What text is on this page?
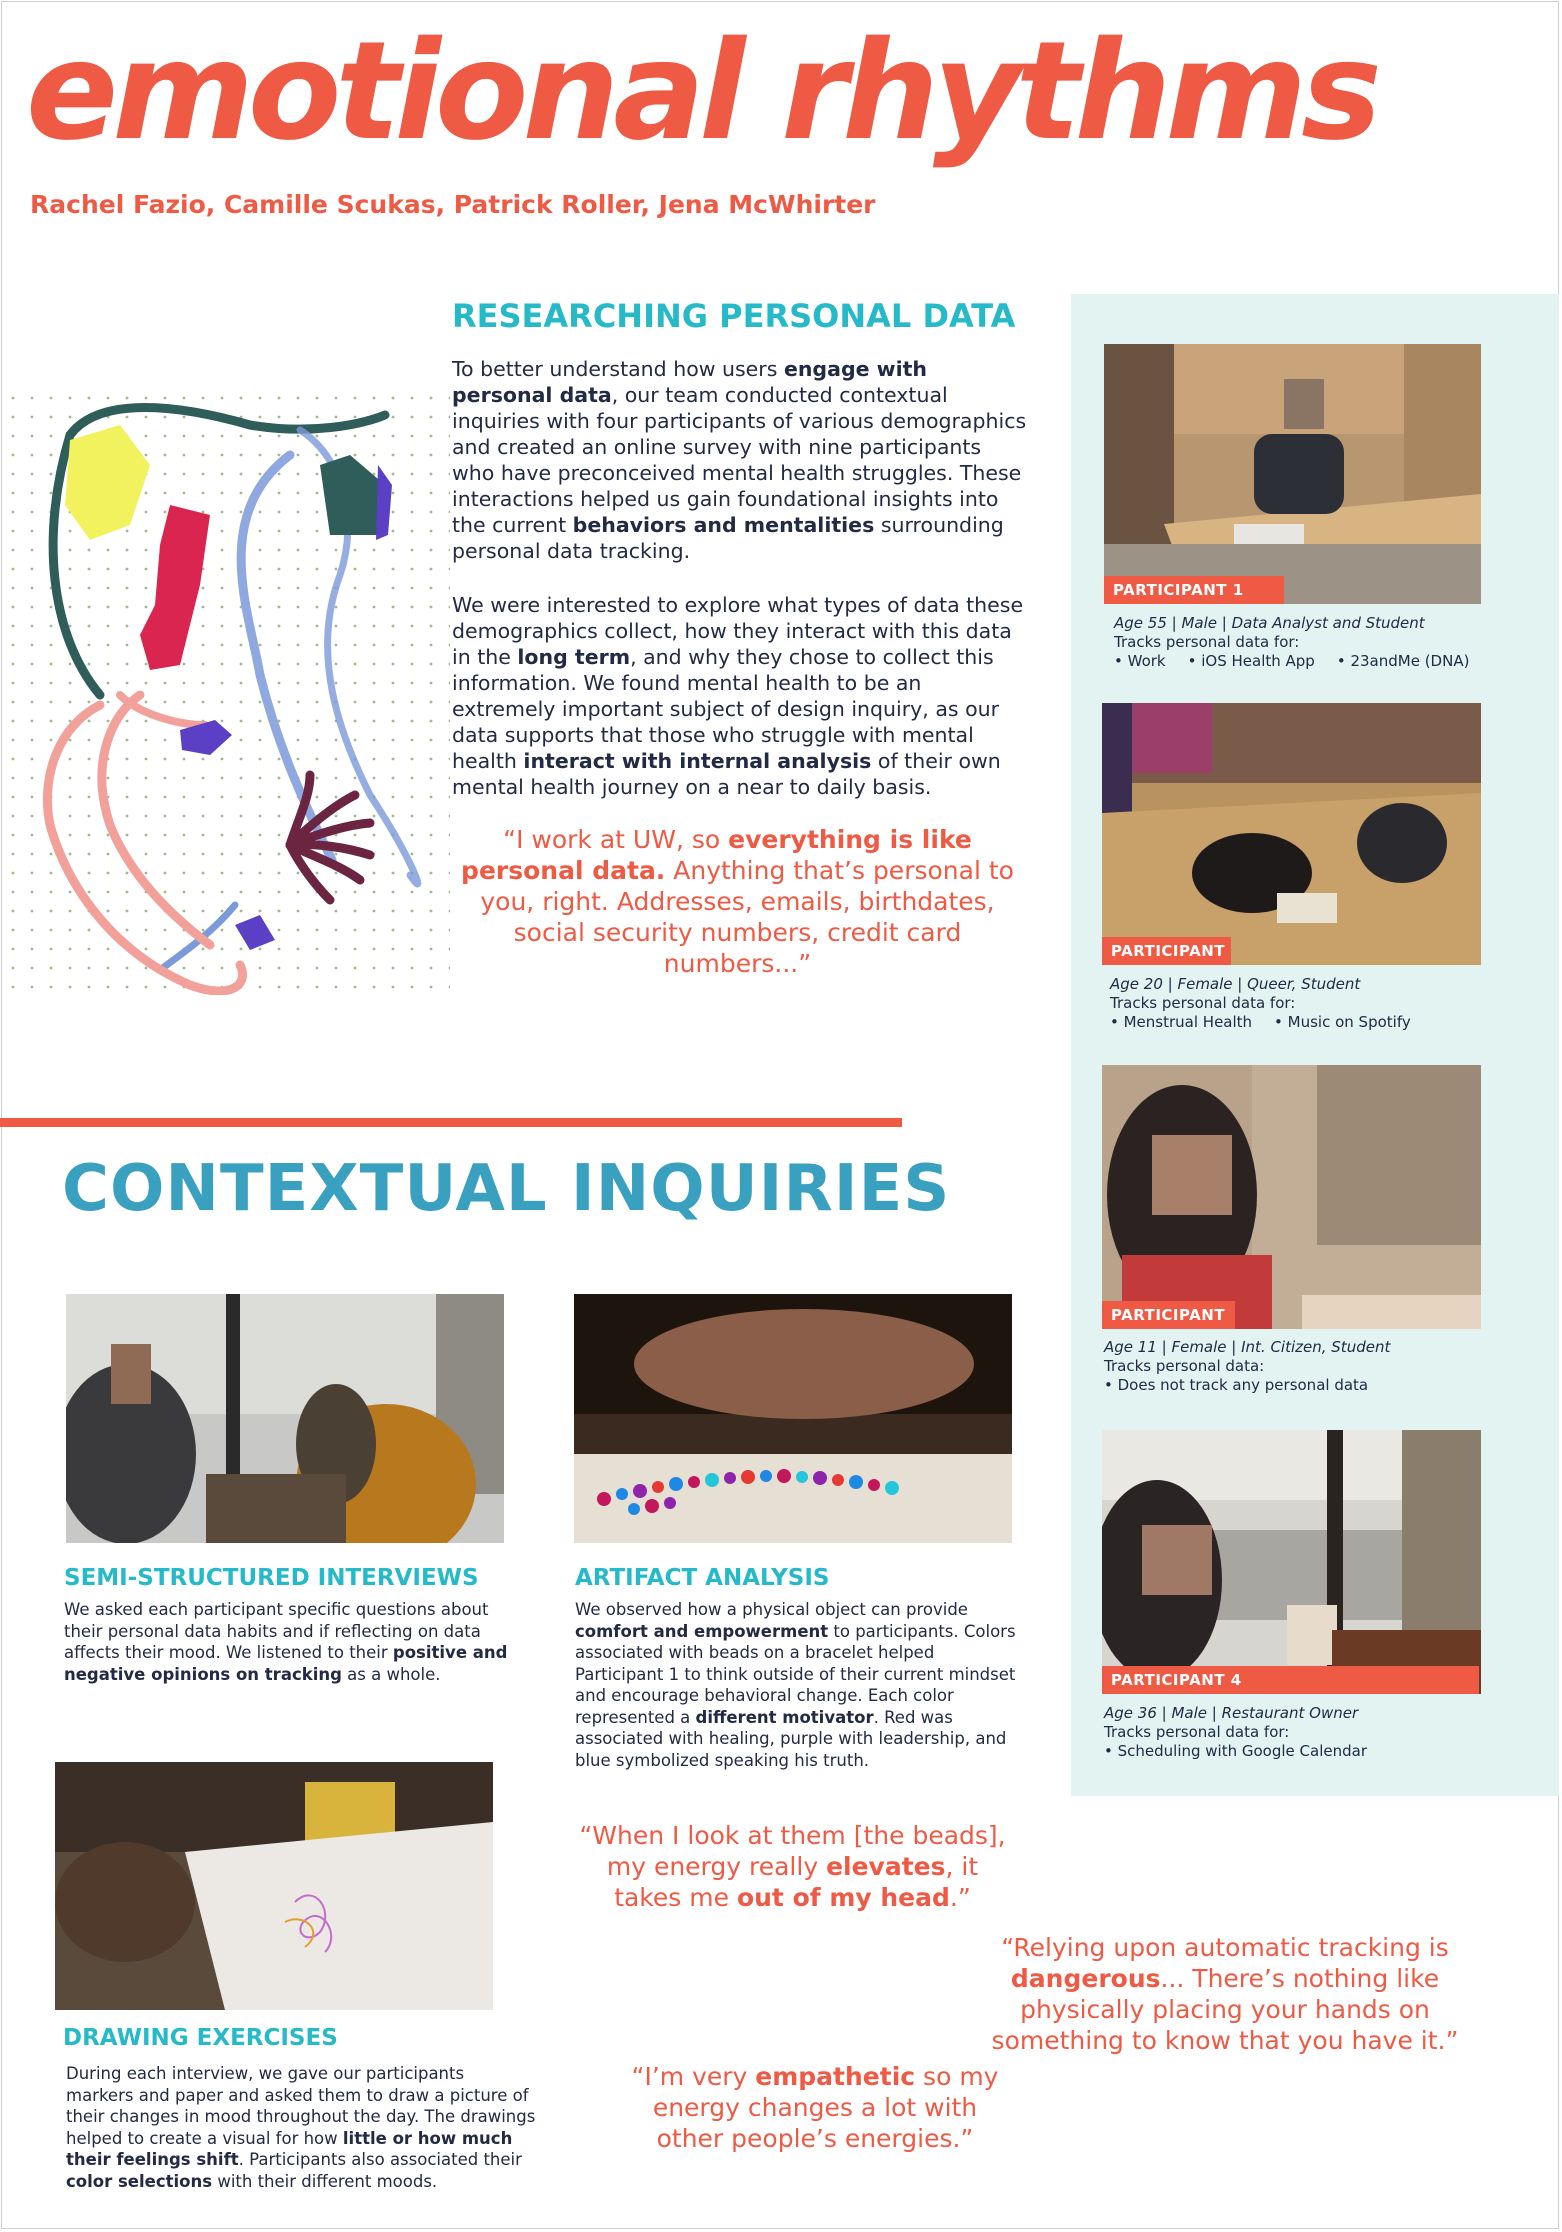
emotional rhythms
Rachel Fazio, Camille Scukas, Patrick Roller, Jena McWhirter
RESEARCHING PERSONAL DATA

To better understand how users engage with personal data, our team conducted contextual inquiries with four participants of various demographics and created an online survey with nine participants who have preconceived mental health struggles. These interactions helped us gain foundational insights into the current behaviors and mentalities surrounding personal data tracking.

We were interested to explore what types of data these demographics collect, how they interact with this data in the long term, and why they chose to collect this information. We found mental health to be an extremely important subject of design inquiry, as our data supports that those who struggle with mental health interact with internal analysis of their own mental health journey on a near to daily basis.

“I work at UW, so everything is like personal data. Anything that’s personal to you, right. Addresses, emails, birthdates, social security numbers, credit card numbers...”

PARTICIPANT 1
Age 55 | Male | Data Analyst and Student
Tracks personal data for:
• Work • iOS Health App • 23andMe (DNA)
PARTICIPANT
Age 20 | Female | Queer, Student
Tracks personal data for:
• Menstrual Health • Music on Spotify
PARTICIPANT
Age 11 | Female | Int. Citizen, Student
Tracks personal data:
• Does not track any personal data
PARTICIPANT 4
Age 36 | Male | Restaurant Owner
Tracks personal data for:
• Scheduling with Google Calendar
CONTEXTUAL INQUIRIES
SEMI-STRUCTURED INTERVIEWS

We asked each participant specific questions about their personal data habits and if reflecting on data affects their mood. We listened to their positive and negative opinions on tracking as a whole.

ARTIFACT ANALYSIS

We observed how a physical object can provide comfort and empowerment to participants. Colors associated with beads on a bracelet helped Participant 1 to think outside of their current mindset and encourage behavioral change. Each color represented a different motivator. Red was associated with healing, purple with leadership, and blue symbolized speaking his truth.

DRAWING EXERCISES

During each interview, we gave our participants markers and paper and asked them to draw a picture of their changes in mood throughout the day. The drawings helped to create a visual for how little or how much their feelings shift. Participants also associated their color selections with their different moods.

“When I look at them [the beads], my energy really elevates, it takes me out of my head.”

“Relying upon automatic tracking is dangerous... There’s nothing like physically placing your hands on something to know that you have it.”

“I’m very empathetic so my energy changes a lot with other people’s energies.”
